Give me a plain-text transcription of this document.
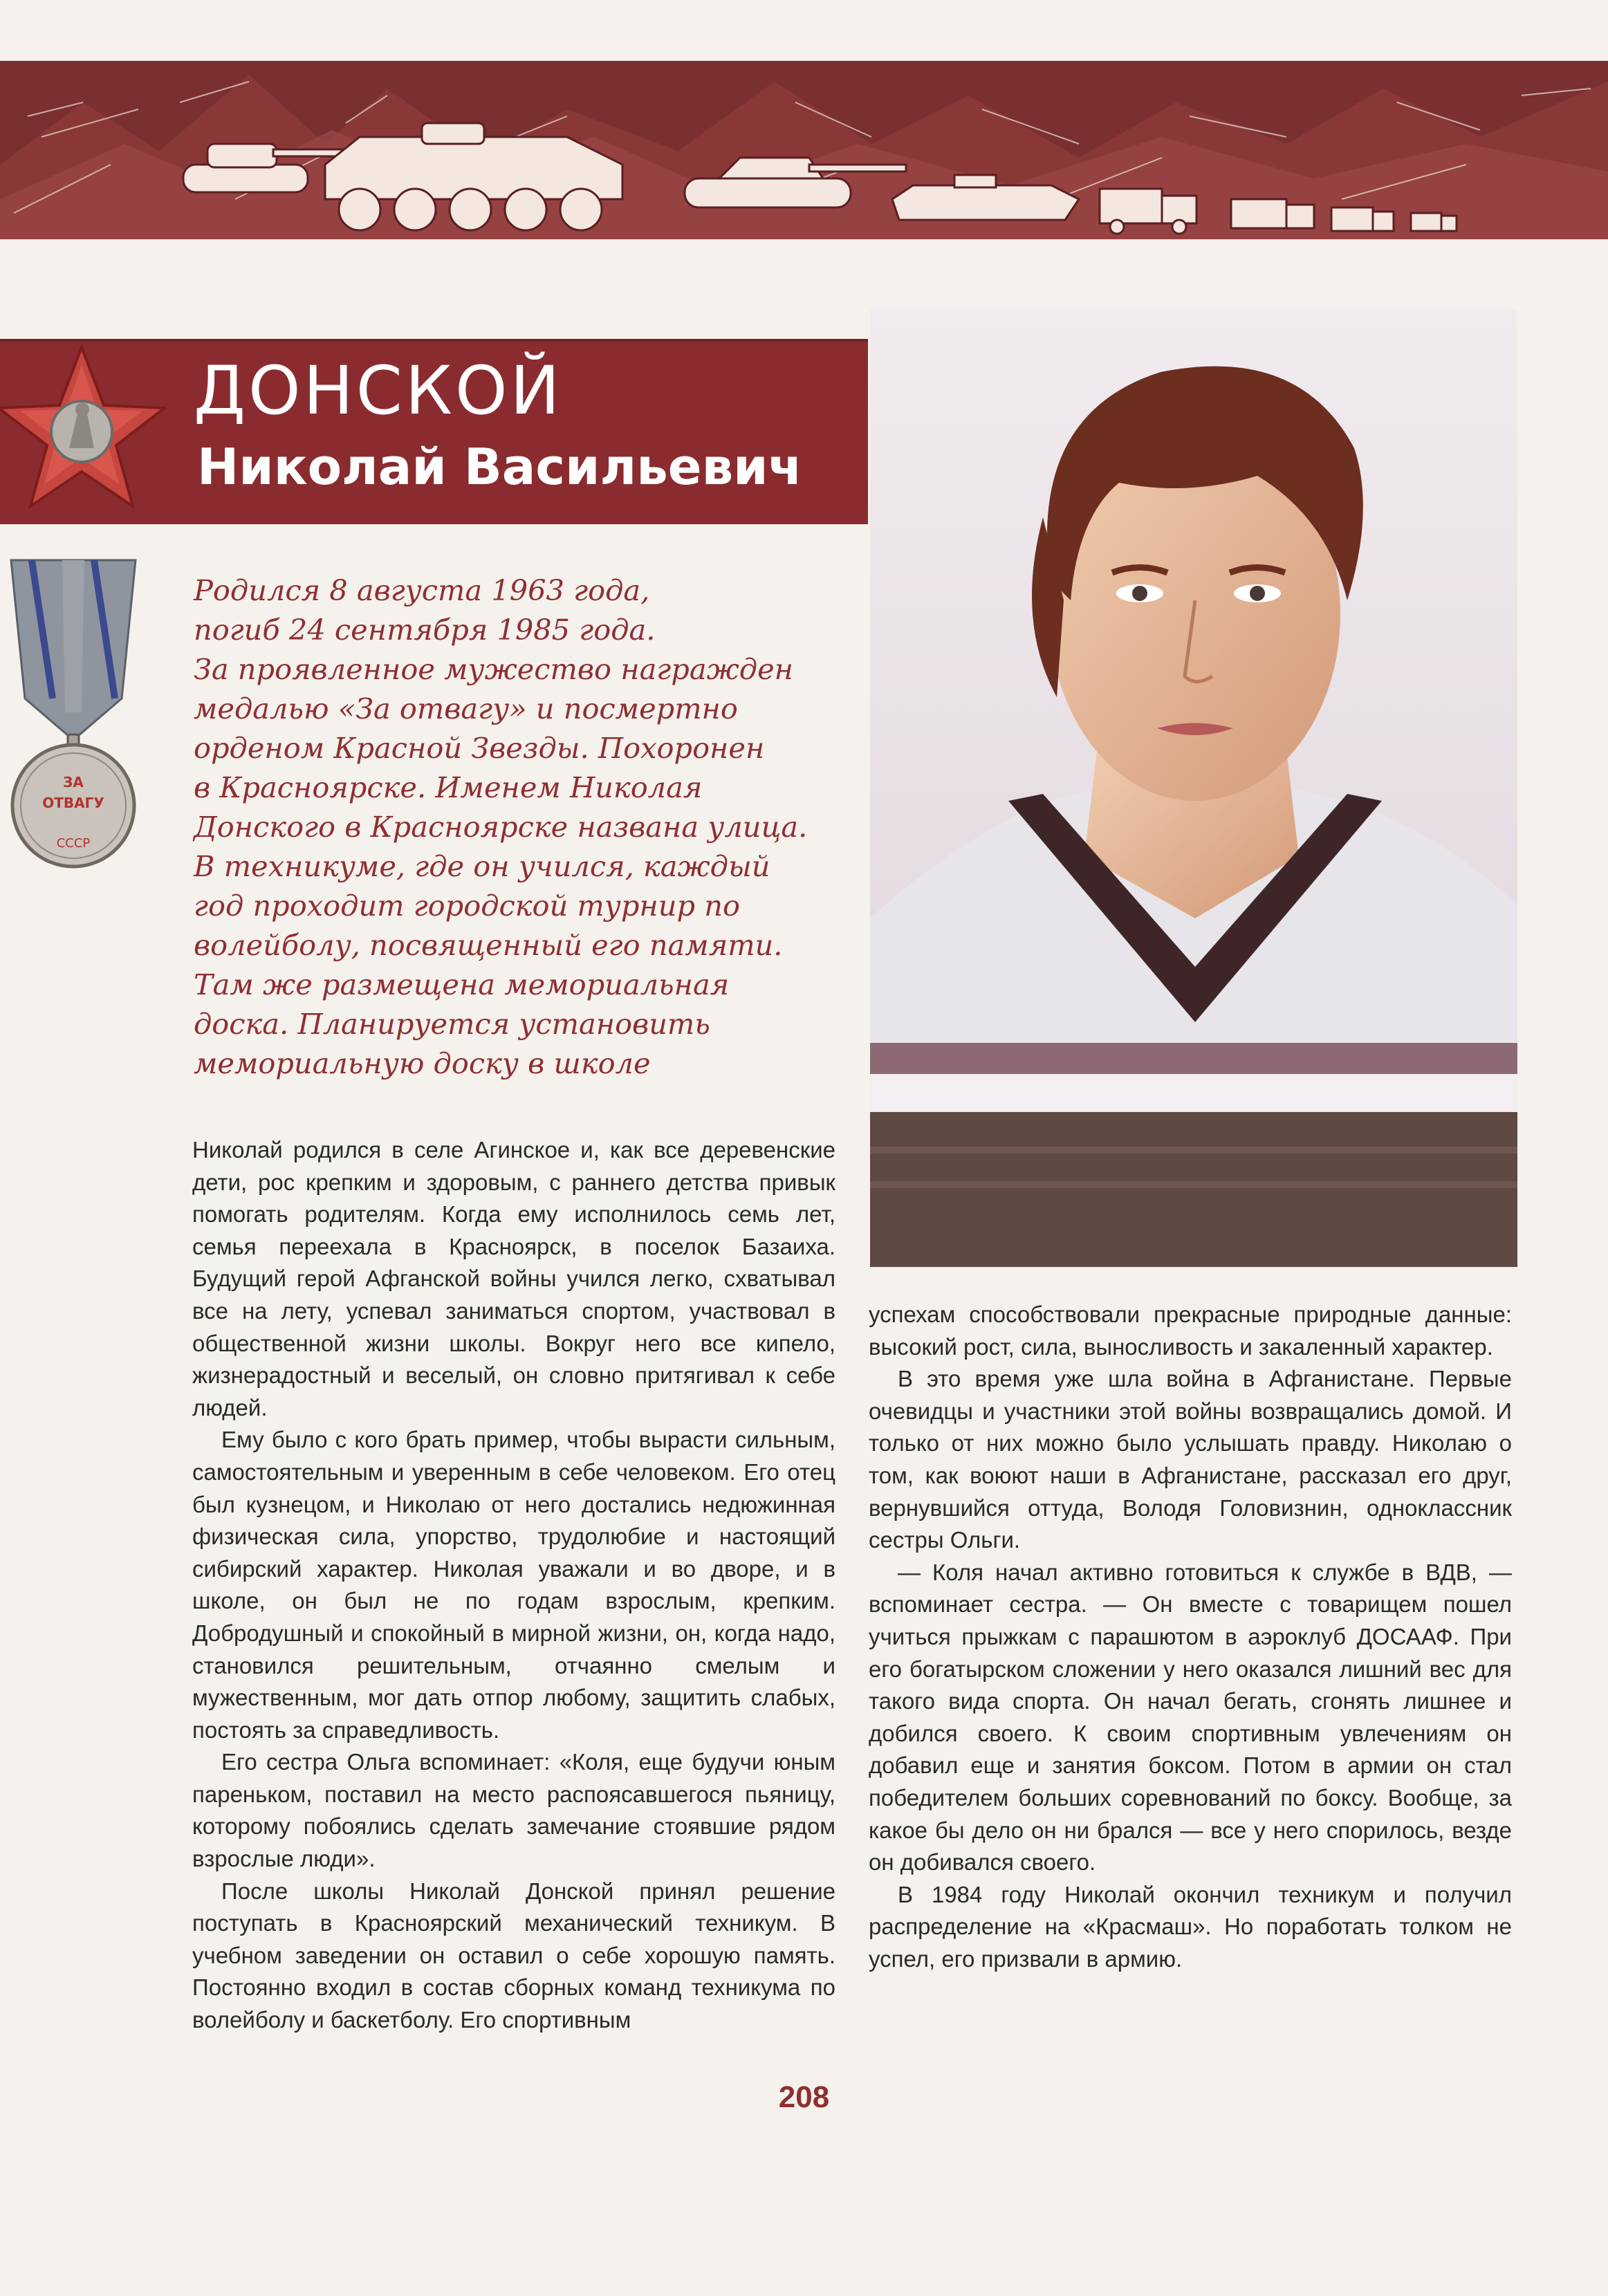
ДОНСКОЙ
Николай Васильевич
ЗА
ОТВАГУ
СССР
Родился 8 августа 1963 года,
погиб 24 сентября 1985 года.
За проявленное мужество награжден
медалью «За отвагу» и посмертно
орденом Красной Звезды. Похоронен
в Красноярске. Именем Николая
Донского в Красноярске названа улица.
В техникуме, где он учился, каждый
год проходит городской турнир по
волейболу, посвященный его памяти.
Там же размещена мемориальная
доска. Планируется установить
мемориальную доску в школе

Николай родился в селе Агинское и, как все деревенские дети, рос крепким и здоровым, с раннего детства привык помогать родителям. Когда ему исполнилось семь лет, семья переехала в Красноярск, в поселок Базаиха. Будущий герой Афганской войны учился легко, схватывал все на лету, успевал заниматься спортом, участвовал в общественной жизни школы. Вокруг него все кипело, жизнерадостный и веселый, он словно притягивал к себе людей.

Ему было с кого брать пример, чтобы вырасти сильным, самостоятельным и уверенным в себе человеком. Его отец был кузнецом, и Николаю от него достались недюжинная физическая сила, упорство, трудолюбие и настоящий сибирский характер. Николая уважали и во дворе, и в школе, он был не по годам взрослым, крепким. Добродушный и спокойный в мирной жизни, он, когда надо, становился решительным, отчаянно смелым и мужественным, мог дать отпор любому, защитить слабых, постоять за справедливость.

Его сестра Ольга вспоминает: «Коля, еще будучи юным пареньком, поставил на место распоясавшегося пьяницу, которому побоялись сделать замечание стоявшие рядом взрослые люди».

После школы Николай Донской принял решение поступать в Красноярский механический техникум. В учебном заведении он оставил о себе хорошую память. Постоянно входил в состав сборных команд техникума по волейболу и баскетболу. Его спортивным

успехам способствовали прекрасные природные данные: высокий рост, сила, выносливость и закаленный характер.

В это время уже шла война в Афганистане. Первые очевидцы и участники этой войны возвращались домой. И только от них можно было услышать правду. Николаю о том, как воюют наши в Афганистане, рассказал его друг, вернувшийся оттуда, Володя Головизнин, одноклассник сестры Ольги.

— Коля начал активно готовиться к службе в ВДВ, — вспоминает сестра. — Он вместе с товарищем пошел учиться прыжкам с парашютом в аэроклуб ДОСААФ. При его богатырском сложении у него оказался лишний вес для такого вида спорта. Он начал бегать, сгонять лишнее и добился своего. К своим спортивным увлечениям он добавил еще и занятия боксом. Потом в армии он стал победителем больших соревнований по боксу. Вообще, за какое бы дело он ни брался — все у него спорилось, везде он добивался своего.

В 1984 году Николай окончил техникум и получил распределение на «Красмаш». Но поработать толком не успел, его призвали в армию.

208
